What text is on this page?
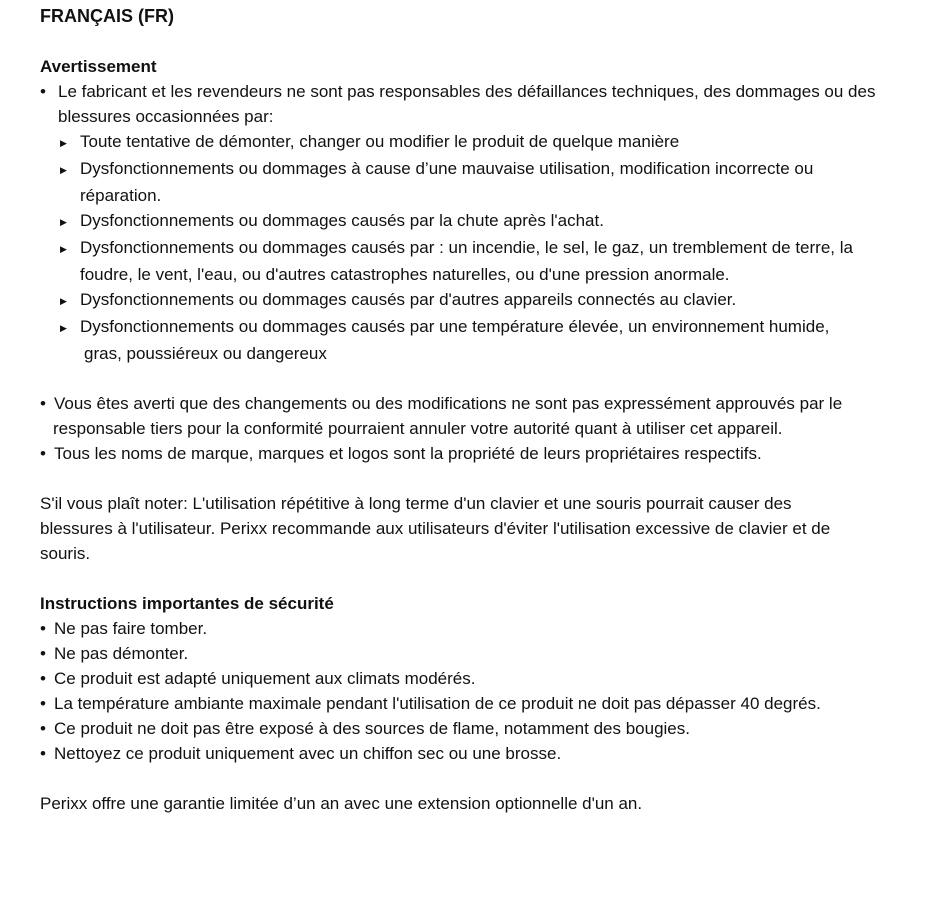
FRANÇAIS (FR)
Avertissement
• Le fabricant et les revendeurs ne sont pas responsables des défaillances techniques, des dommages ou des
blessures occasionnées par:
▶ Toute tentative de démonter, changer ou modifier le produit de quelque manière
▶ Dysfonctionnements ou dommages à cause d’une mauvaise utilisation, modification incorrecte ou
réparation.
▶ Dysfonctionnements ou dommages causés par la chute après l'achat.
▶ Dysfonctionnements ou dommages causés par : un incendie, le sel, le gaz, un tremblement de terre, la
foudre, le vent, l'eau, ou d'autres catastrophes naturelles, ou d'une pression anormale.
▶ Dysfonctionnements ou dommages causés par d'autres appareils connectés au clavier.
▶ Dysfonctionnements ou dommages causés par une température élevée, un environnement humide,
gras, poussiéreux ou dangereux
• Vous êtes averti que des changements ou des modifications ne sont pas expressément approuvés par le
responsable tiers pour la conformité pourraient annuler votre autorité quant à utiliser cet appareil.
• Tous les noms de marque, marques et logos sont la propriété de leurs propriétaires respectifs.
S'il vous plaît noter: L'utilisation répétitive à long terme d'un clavier et une souris pourrait causer des
blessures à l'utilisateur. Perixx recommande aux utilisateurs d'éviter l'utilisation excessive de clavier et de
souris.
Instructions importantes de sécurité
• Ne pas faire tomber.
• Ne pas démonter.
• Ce produit est adapté uniquement aux climats modérés.
• La température ambiante maximale pendant l'utilisation de ce produit ne doit pas dépasser 40 degrés.
• Ce produit ne doit pas être exposé à des sources de flame, notamment des bougies.
• Nettoyez ce produit uniquement avec un chiffon sec ou une brosse.
Perixx offre une garantie limitée d’un an avec une extension optionnelle d'un an.
